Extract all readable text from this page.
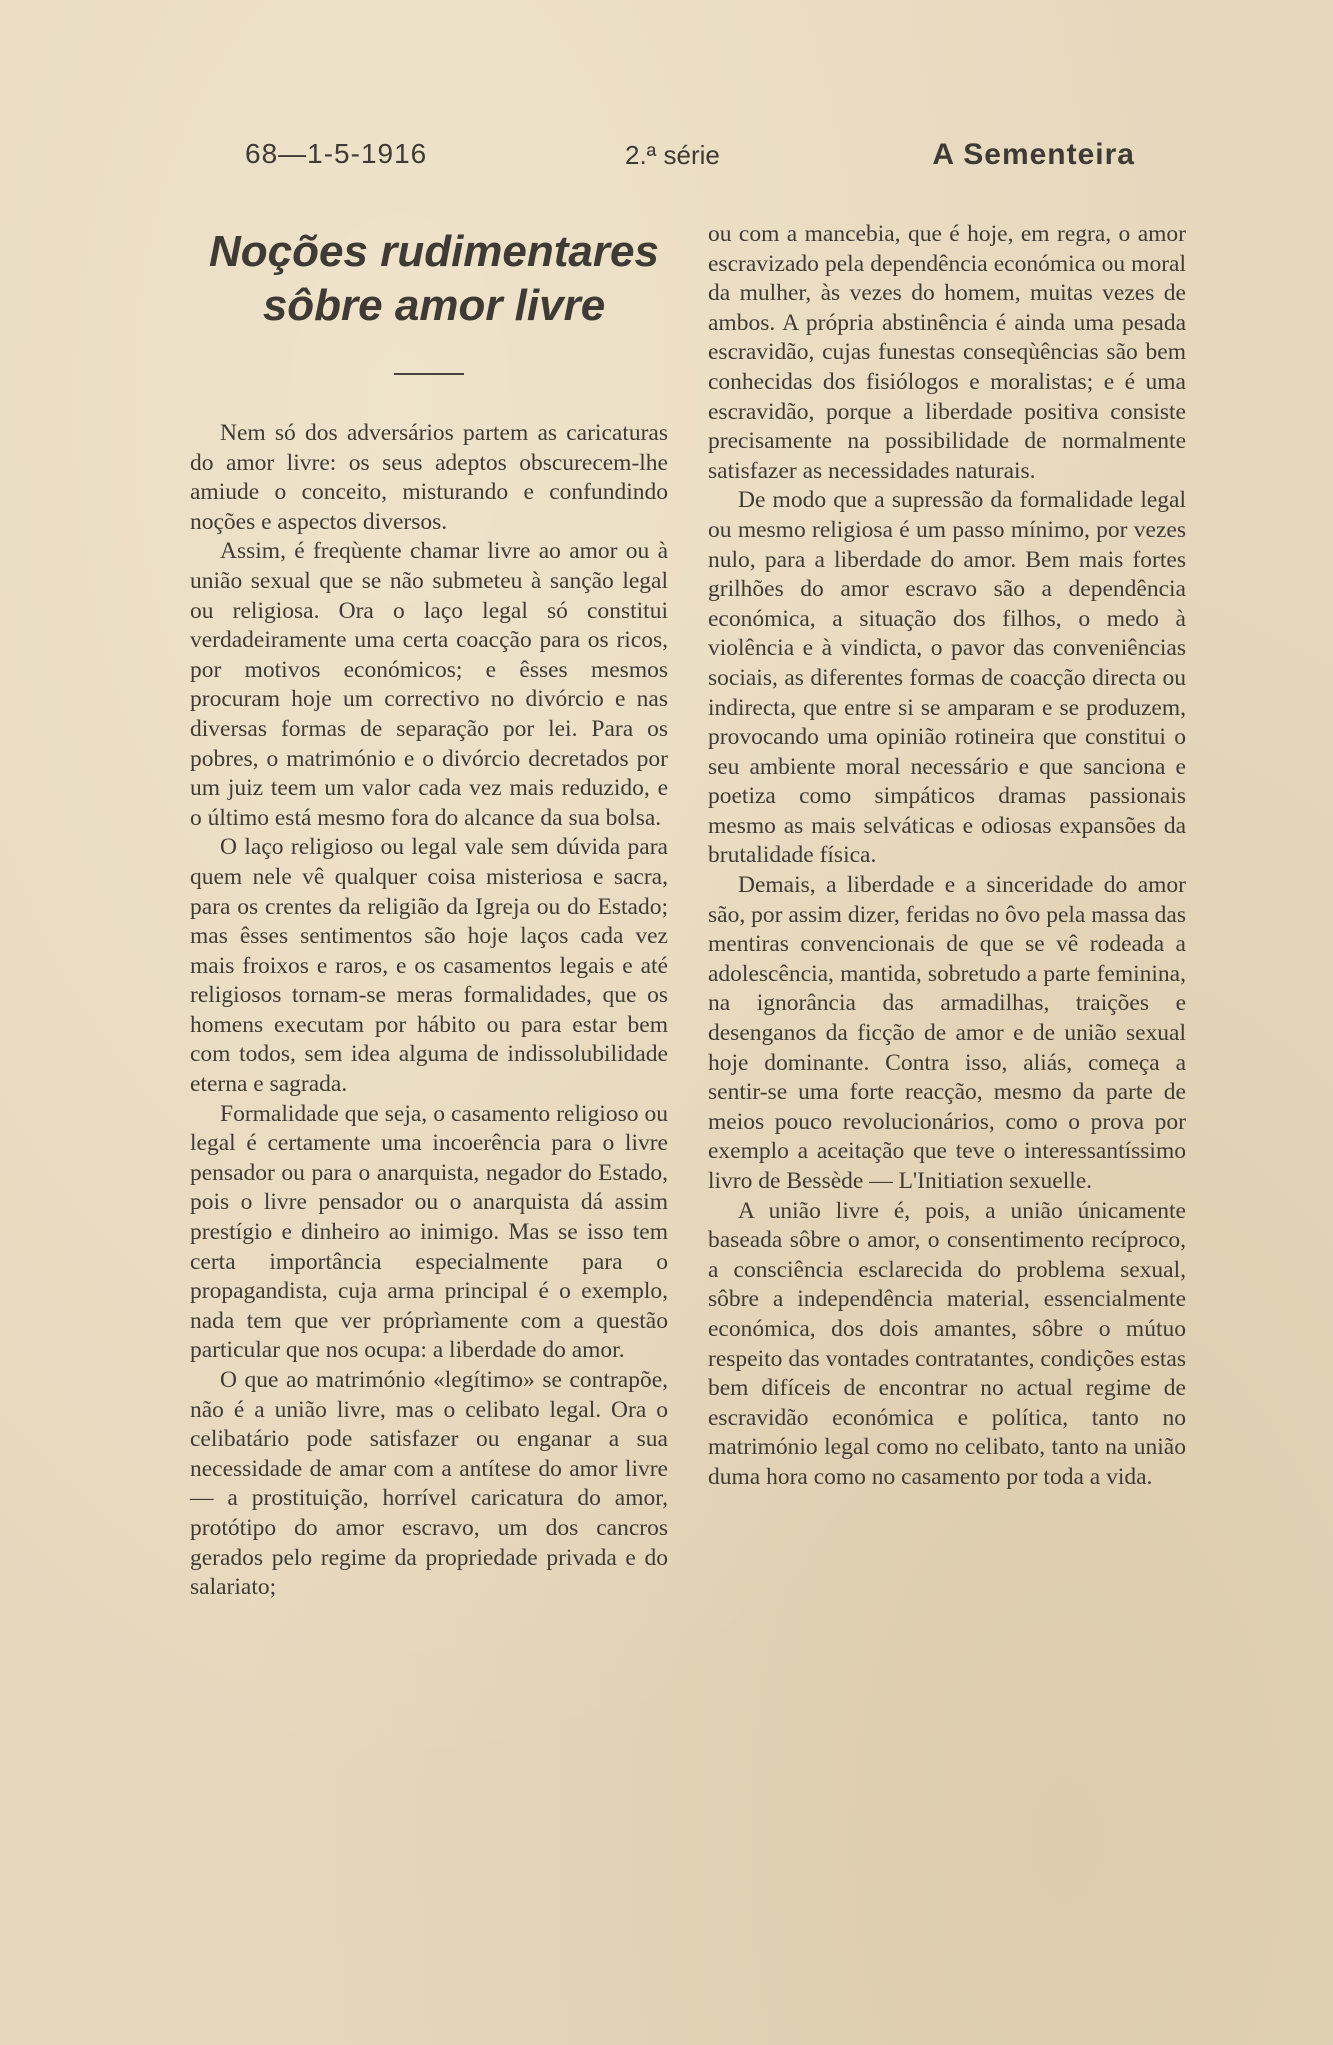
68—1-5-1916	2.ª série	A Sementeira
Noções rudimentares
sôbre amor livre

Nem só dos adversários partem as caricaturas do amor livre: os seus adeptos obscurecem-lhe amiude o conceito, misturando e confundindo noções e aspectos diversos.

Assim, é freqùente chamar livre ao amor ou à união sexual que se não submeteu à sanção legal ou religiosa. Ora o laço legal só constitui verdadeiramente uma certa coacção para os ricos, por motivos económicos; e êsses mesmos procuram hoje um correctivo no divórcio e nas diversas formas de separação por lei. Para os pobres, o matrimónio e o divórcio decretados por um juiz teem um valor cada vez mais reduzido, e o último está mesmo fora do alcance da sua bolsa.

O laço religioso ou legal vale sem dúvida para quem nele vê qualquer coisa misteriosa e sacra, para os crentes da religião da Igreja ou do Estado; mas êsses sentimentos são hoje laços cada vez mais froixos e raros, e os casamentos legais e até religiosos tornam-se meras formalidades, que os homens executam por hábito ou para estar bem com todos, sem idea alguma de indissolubilidade eterna e sagrada.

Formalidade que seja, o casamento religioso ou legal é certamente uma incoerência para o livre pensador ou para o anarquista, negador do Estado, pois o livre pensador ou o anarquista dá assim prestígio e dinheiro ao inimigo. Mas se isso tem certa importância especialmente para o propagandista, cuja arma principal é o exemplo, nada tem que ver próprìamente com a questão particular que nos ocupa: a liberdade do amor.

O que ao matrimónio «legítimo» se contrapõe, não é a união livre, mas o celibato legal. Ora o celibatário pode satisfazer ou enganar a sua necessidade de amar com a antítese do amor livre — a prostituição, horrível caricatura do amor, protótipo do amor escravo, um dos cancros gerados pelo regime da propriedade privada e do salariato;

ou com a mancebia, que é hoje, em regra, o amor escravizado pela dependência económica ou moral da mulher, às vezes do homem, muitas vezes de ambos. A própria abstinência é ainda uma pesada escravidão, cujas funestas conseqùências são bem conhecidas dos fisiólogos e moralistas; e é uma escravidão, porque a liberdade positiva consiste precisamente na possibilidade de normalmente satisfazer as necessidades naturais.

De modo que a supressão da formalidade legal ou mesmo religiosa é um passo mínimo, por vezes nulo, para a liberdade do amor. Bem mais fortes grilhões do amor escravo são a dependência económica, a situação dos filhos, o medo à violência e à vindicta, o pavor das conveniências sociais, as diferentes formas de coacção directa ou indirecta, que entre si se amparam e se produzem, provocando uma opinião rotineira que constitui o seu ambiente moral necessário e que sanciona e poetiza como simpáticos dramas passionais mesmo as mais selváticas e odiosas expansões da brutalidade física.

Demais, a liberdade e a sinceridade do amor são, por assim dizer, feridas no ôvo pela massa das mentiras convencionais de que se vê rodeada a adolescência, mantida, sobretudo a parte feminina, na ignorância das armadilhas, traições e desenganos da ficção de amor e de união sexual hoje dominante. Contra isso, aliás, começa a sentir-se uma forte reacção, mesmo da parte de meios pouco revolucionários, como o prova por exemplo a aceitação que teve o interessantíssimo livro de Bessède — L'Initiation sexuelle.

A união livre é, pois, a união únicamente baseada sôbre o amor, o consentimento recíproco, a consciência esclarecida do problema sexual, sôbre a independência material, essencialmente económica, dos dois amantes, sôbre o mútuo respeito das vontades contratantes, condições estas bem difíceis de encontrar no actual regime de escravidão económica e política, tanto no matrimónio legal como no celibato, tanto na união duma hora como no casamento por toda a vida.
